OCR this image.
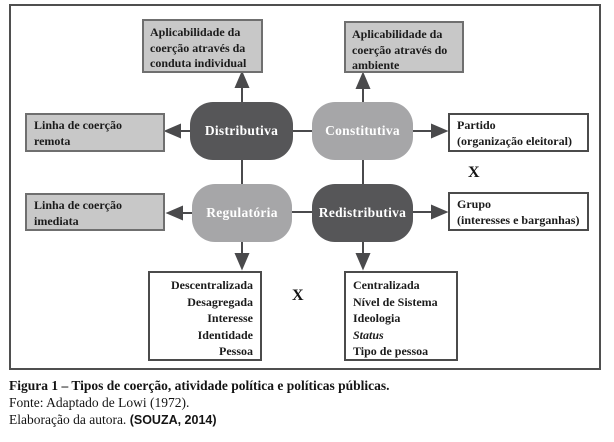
Aplicabilidade da coerção através da conduta individual
Aplicabilidade da coerção através do ambiente
Linha de coerção remota
Linha de coerção imediata
Distributiva	Constitutiva
Regulatória	Redistributiva
Partido
(organização eleitoral)
X
Grupo
(interesses e barganhas)
Descentralizada
Desagregada
Interesse
Identidade
Pessoa
X
Centralizada
Nível de Sistema
Ideologia
Status
Tipo de pessoa
Figura 1 – Tipos de coerção, atividade política e políticas públicas.
Fonte: Adaptado de Lowi (1972).
Elaboração da autora. (SOUZA, 2014)
